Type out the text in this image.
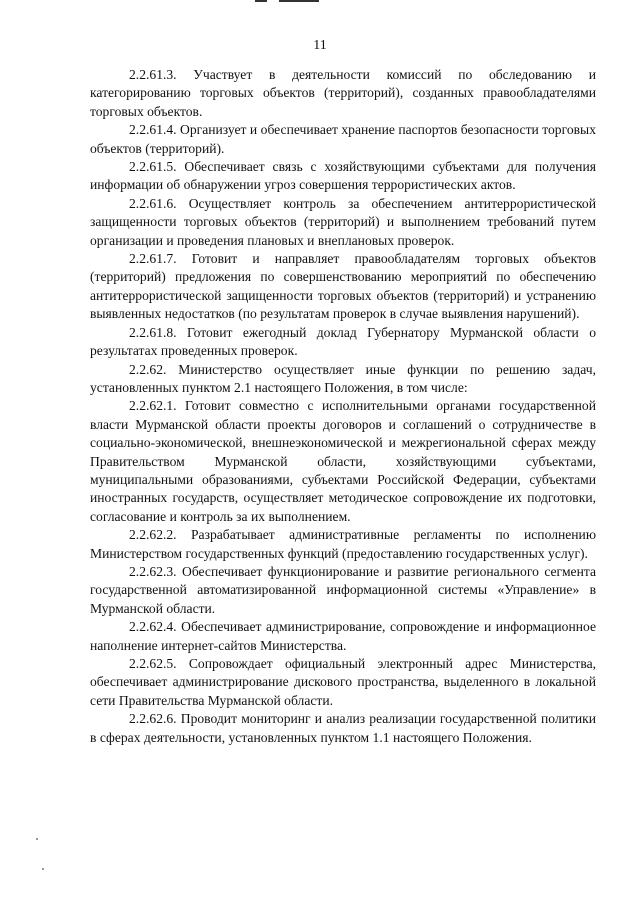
11

2.2.61.3. Участвует в деятельности комиссий по обследованию и категорированию торговых объектов (территорий), созданных правообладателями торговых объектов.

2.2.61.4. Организует и обеспечивает хранение паспортов безопасности торговых объектов (территорий).

2.2.61.5. Обеспечивает связь с хозяйствующими субъектами для получения информации об обнаружении угроз совершения террористических актов.

2.2.61.6. Осуществляет контроль за обеспечением антитеррористической защищенности торговых объектов (территорий) и выполнением требований путем организации и проведения плановых и внеплановых проверок.

2.2.61.7. Готовит и направляет правообладателям торговых объектов (территорий) предложения по совершенствованию мероприятий по обеспечению антитеррористической защищенности торговых объектов (территорий) и устранению выявленных недостатков (по результатам проверок в случае выявления нарушений).

2.2.61.8. Готовит ежегодный доклад Губернатору Мурманской области о результатах проведенных проверок.

2.2.62. Министерство осуществляет иные функции по решению задач, установленных пунктом 2.1 настоящего Положения, в том числе:

2.2.62.1. Готовит совместно с исполнительными органами государственной власти Мурманской области проекты договоров и соглашений о сотрудничестве в социально-экономической, внешнеэкономической и межрегиональной сферах между Правительством Мурманской области, хозяйствующими субъектами, муниципальными образованиями, субъектами Российской Федерации, субъектами иностранных государств, осуществляет методическое сопровождение их подготовки, согласование и контроль за их выполнением.

2.2.62.2. Разрабатывает административные регламенты по исполнению Министерством государственных функций (предоставлению государственных услуг).

2.2.62.3. Обеспечивает функционирование и развитие регионального сегмента государственной автоматизированной информационной системы «Управление» в Мурманской области.

2.2.62.4. Обеспечивает администрирование, сопровождение и информационное наполнение интернет-сайтов Министерства.

2.2.62.5. Сопровождает официальный электронный адрес Министерства, обеспечивает администрирование дискового пространства, выделенного в локальной сети Правительства Мурманской области.

2.2.62.6. Проводит мониторинг и анализ реализации государственной политики в сферах деятельности, установленных пунктом 1.1 настоящего Положения.
